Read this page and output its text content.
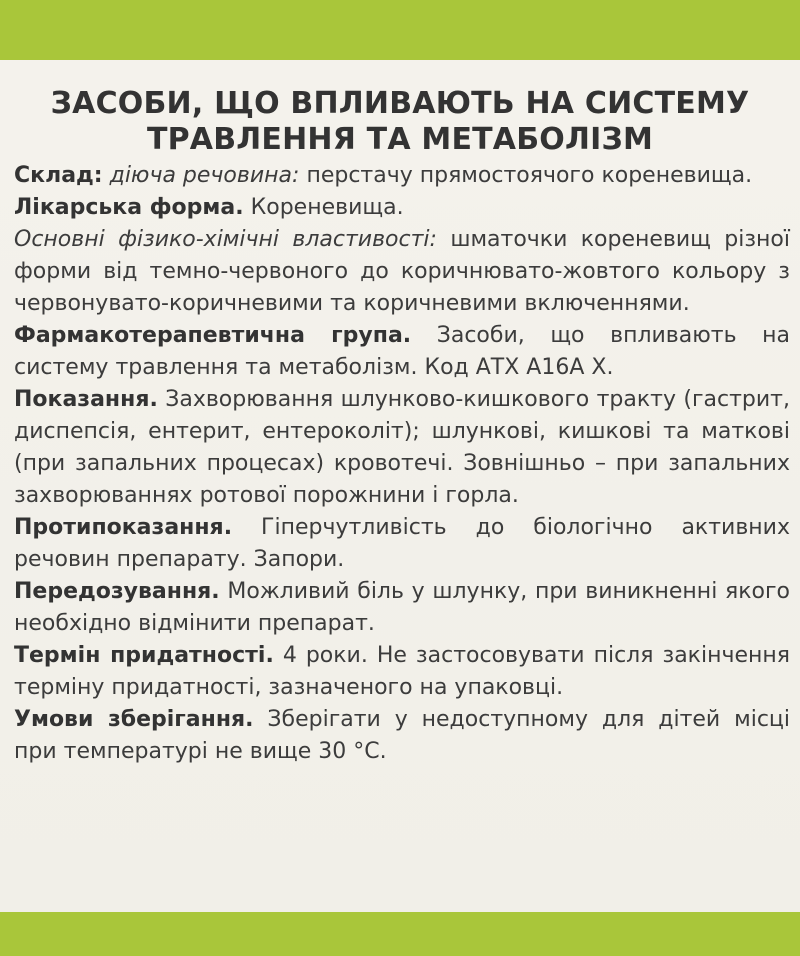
ЗАСОБИ, ЩО ВПЛИВАЮТЬ НА СИСТЕМУ
ТРАВЛЕННЯ ТА МЕТАБОЛІЗМ

Склад: діюча речовина: перстачу прямостоячого кореневища.

Лікарська форма. Кореневища.

Основні фізико-хімічні властивості: шматочки кореневищ різної форми від темно-червоного до коричнювато-жовтого кольору з червонувато-коричневими та коричневими включеннями.

Фармакотерапевтична група. Засоби, що впливають на систему травлення та метаболізм. Код АТХ А16А Х.

Показання. Захворювання шлунково-кишкового тракту (гастрит, диспепсія, ентерит, ентероколіт); шлункові, кишкові та маткові (при запальних процесах) кровотечі. Зовнішньо – при запальних захворюваннях ротової порожнини і горла.

Протипоказання. Гіперчутливість до біологічно активних речовин препарату. Запори.

Передозування. Можливий біль у шлунку, при виникненні якого необхідно відмінити препарат.

Термін придатності. 4 роки. Не застосовувати після закінчення терміну придатності, зазначеного на упаковці.

Умови зберігання. Зберігати у недоступному для дітей місці при температурі не вище 30 °С.
